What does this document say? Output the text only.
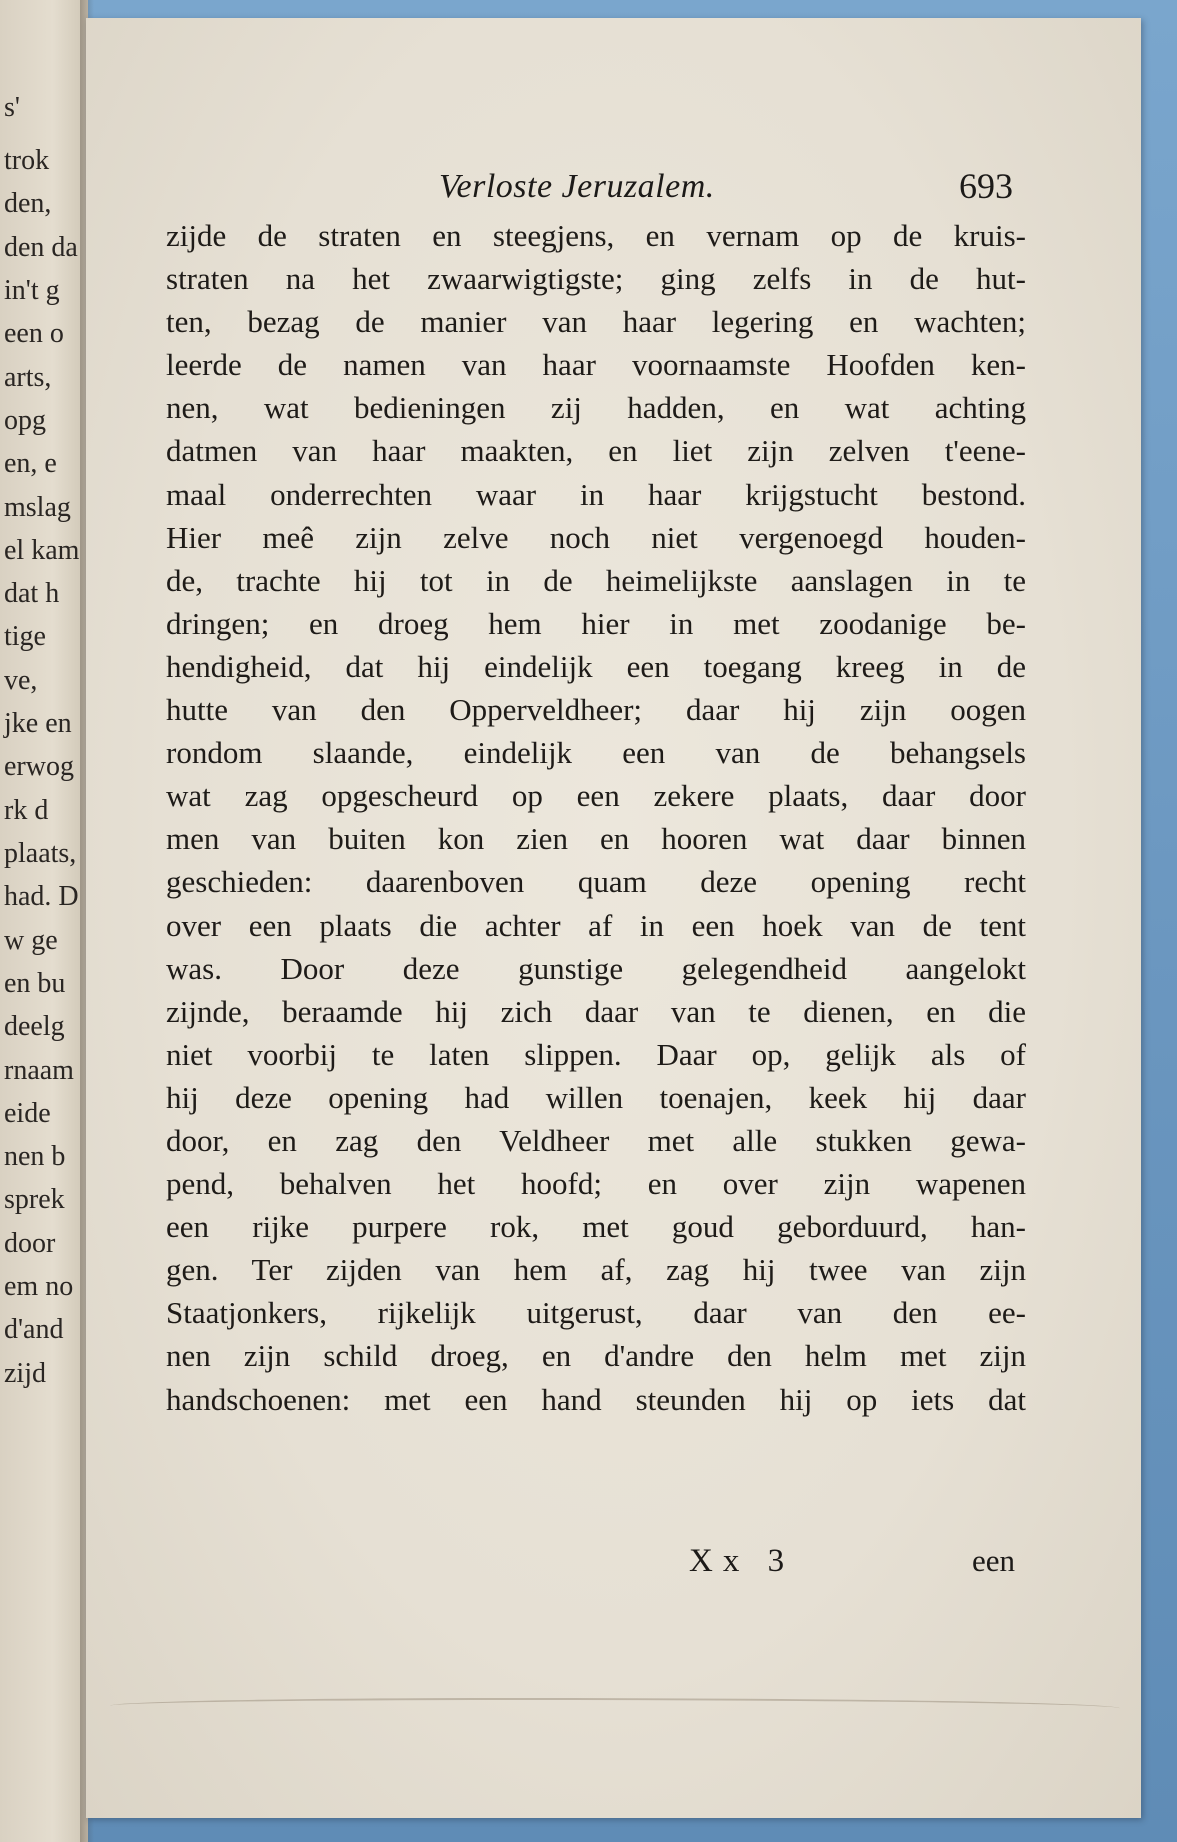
s'
trok
den,
den da
in't g
een o
arts,
opg
en, e
mslag
el kam
dat h
tige
ve,
jke en
erwog
rk d
plaats,
had. D
w ge
en bu
deelg
rnaam
eide
nen b
sprek
door
em no
d'and
zijd
Verloste Jeruzalem.	693
zijde de straten en steegjens, en vernam op de kruis-
straten na het zwaarwigtigste; ging zelfs in de hut-
ten, bezag de manier van haar legering en wachten;
leerde de namen van haar voornaamste Hoofden ken-
nen, wat bedieningen zij hadden, en wat achting
datmen van haar maakten, en liet zijn zelven t'eene-
maal onderrechten waar in haar krijgstucht bestond.
Hier meê zijn zelve noch niet vergenoegd houden-
de, trachte hij tot in de heimelijkste aanslagen in te
dringen; en droeg hem hier in met zoodanige be-
hendigheid, dat hij eindelijk een toegang kreeg in de
hutte van den Opperveldheer; daar hij zijn oogen
rondom slaande, eindelijk een van de behangsels
wat zag opgescheurd op een zekere plaats, daar door
men van buiten kon zien en hooren wat daar binnen
geschieden: daarenboven quam deze opening recht
over een plaats die achter af in een hoek van de tent
was. Door deze gunstige gelegendheid aangelokt
zijnde, beraamde hij zich daar van te dienen, en die
niet voorbij te laten slippen. Daar op, gelijk als of
hij deze opening had willen toenajen, keek hij daar
door, en zag den Veldheer met alle stukken gewa-
pend, behalven het hoofd; en over zijn wapenen
een rijke purpere rok, met goud geborduurd, han-
gen. Ter zijden van hem af, zag hij twee van zijn
Staatjonkers, rijkelijk uitgerust, daar van den ee-
nen zijn schild droeg, en d'andre den helm met zijn
handschoenen: met een hand steunden hij op iets dat
Xx 3	een
